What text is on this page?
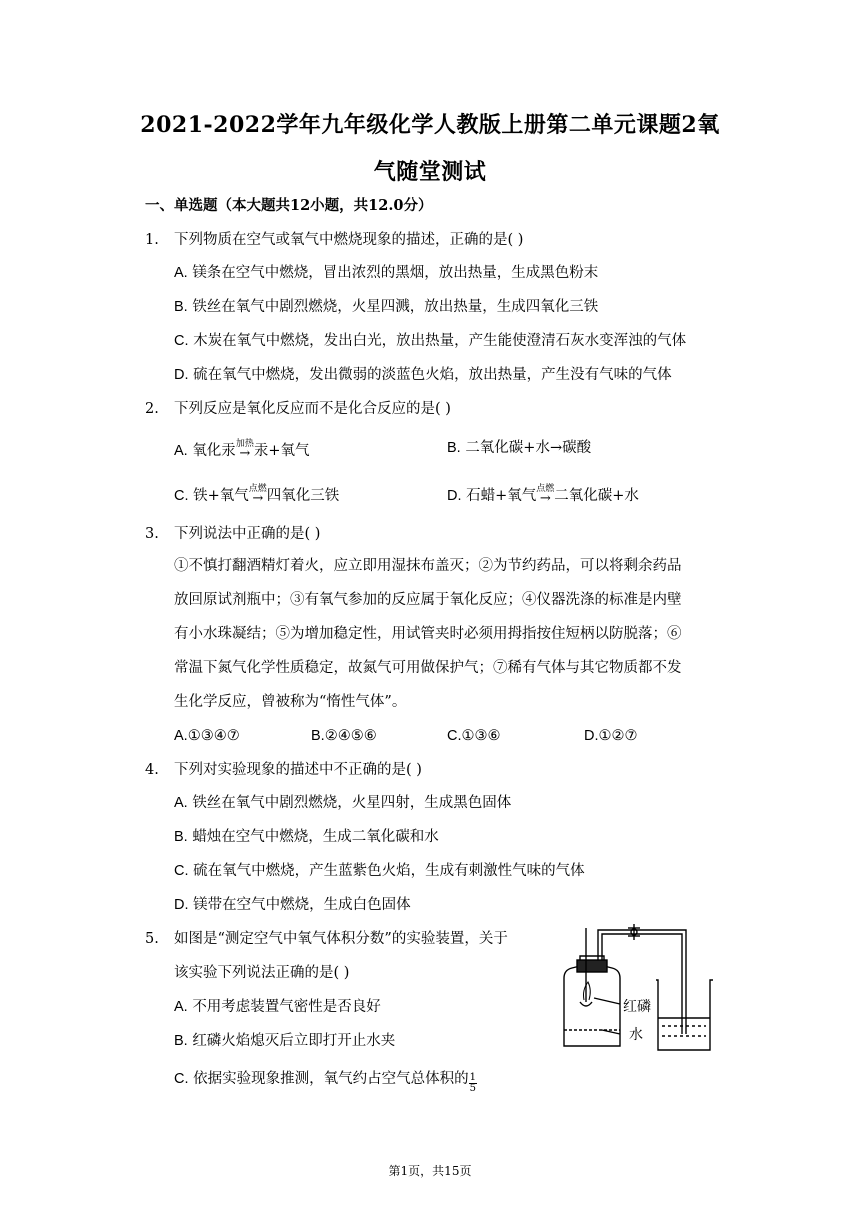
2021-2022学年九年级化学人教版上册第二单元课题2氧
气随堂测试
一、单选题（本大题共12小题，共12.0分）
1. 下列物质在空气或氧气中燃烧现象的描述，正确的是( )
A. 镁条在空气中燃烧，冒出浓烈的黑烟，放出热量，生成黑色粉末
B. 铁丝在氧气中剧烈燃烧，火星四溅，放出热量，生成四氧化三铁
C. 木炭在氧气中燃烧，发出白光，放出热量，产生能使澄清石灰水变浑浊的气体
D. 硫在氧气中燃烧，发出微弱的淡蓝色火焰，放出热量，产生没有气味的气体
2. 下列反应是氧化反应而不是化合反应的是( )
A. 氧化汞 加热
→ 汞+氧气	B. 二氧化碳+水→碳酸
C. 铁+氧气 点燃
→ 四氧化三铁	D. 石蜡+氧气 点燃
→ 二氧化碳+水
3. 下列说法中正确的是( )
①不慎打翻酒精灯着火，应立即用湿抹布盖灭；②为节约药品，可以将剩余药品
放回原试剂瓶中；③有氧气参加的反应属于氧化反应；④仪器洗涤的标准是内壁
有小水珠凝结；⑤为增加稳定性，用试管夹时必须用拇指按住短柄以防脱落；⑥
常温下氮气化学性质稳定，故氮气可用做保护气；⑦稀有气体与其它物质都不发
生化学反应，曾被称为“惰性气体”。
A.①③④⑦	B.②④⑤⑥	C.①③⑥	D.①②⑦
4. 下列对实验现象的描述中不正确的是( )
A. 铁丝在氧气中剧烈燃烧，火星四射，生成黑色固体
B. 蜡烛在空气中燃烧，生成二氧化碳和水
C. 硫在氧气中燃烧，产生蓝紫色火焰，生成有刺激性气味的气体
D. 镁带在空气中燃烧，生成白色固体
5. 如图是“测定空气中氧气体积分数”的实验装置，关于
该实验下列说法正确的是( )
A. 不用考虑装置气密性是否良好
B. 红磷火焰熄灭后立即打开止水夹
C. 依据实验现象推测，氧气约占空气总体积的 $\frac{1}{5}$
红磷
水
第1页，共15页
